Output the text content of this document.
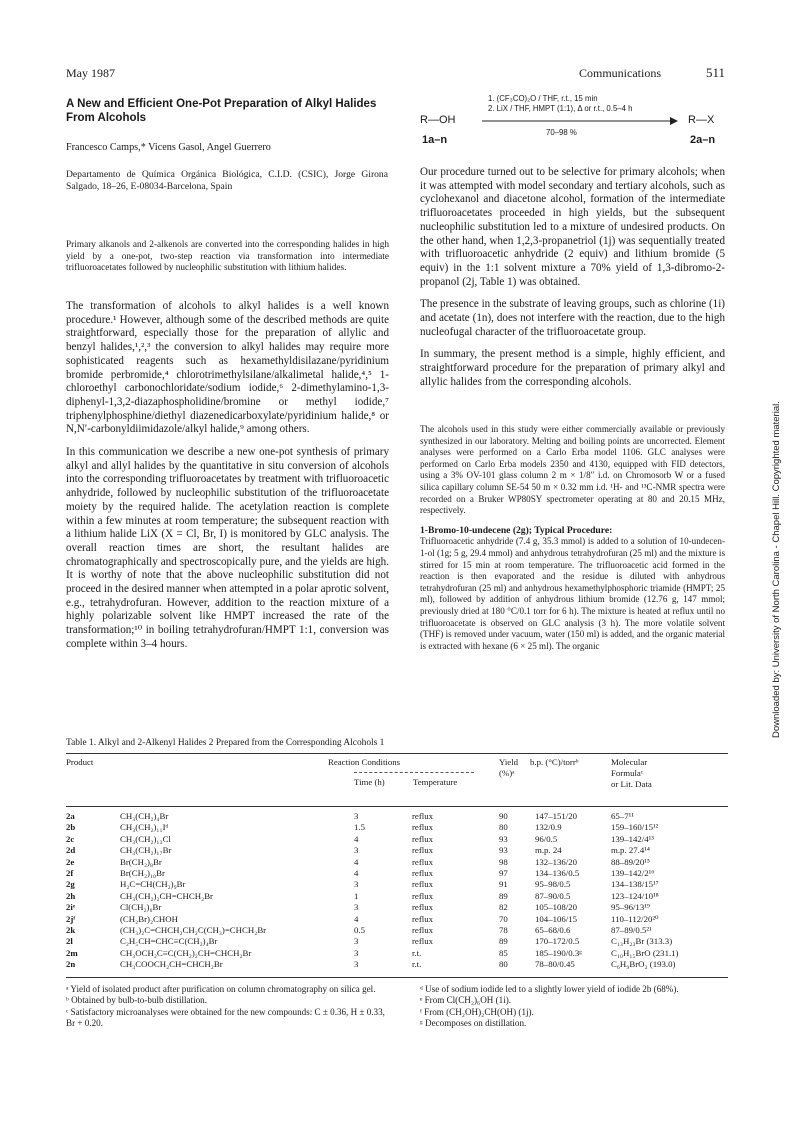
May 1987	Communications	511
A New and Efficient One-Pot Preparation of Alkyl Halides From Alcohols
Francesco Camps,* Vicens Gasol, Angel Guerrero
Departamento de Química Orgánica Biológica, C.I.D. (CSIC), Jorge Girona Salgado, 18–26, E-08034-Barcelona, Spain
Primary alkanols and 2-alkenols are converted into the corresponding halides in high yield by a one-pot, two-step reaction via transformation into intermediate trifluoroacetates followed by nucleophilic substitution with lithium halides.

The transformation of alcohols to alkyl halides is a well known procedure.¹ However, although some of the described methods are quite straightforward, especially those for the preparation of allylic and benzyl halides,¹,²,³ the conversion to alkyl halides may require more sophisticated reagents such as hexamethyldisilazane/pyridinium bromide perbromide,⁴ chlorotrimethylsilane/alkalimetal halide,⁴,⁵ 1-chloroethyl carbonochloridate/sodium iodide,⁶ 2-dimethylamino-1,3-diphenyl-1,3,2-diazaphospholidine/bromine or methyl iodide,⁷ triphenylphosphine/diethyl diazenedicarboxylate/pyridinium halide,⁸ or N,N′-carbonyldiimidazole/alkyl halide,⁹ among others.

In this communication we describe a new one-pot synthesis of primary alkyl and allyl halides by the quantitative in situ conversion of alcohols into the corresponding trifluoroacetates by treatment with trifluoroacetic anhydride, followed by nucleophilic substitution of the trifluoroacetate moiety by the required halide. The acetylation reaction is complete within a few minutes at room temperature; the subsequent reaction with a lithium halide LiX (X = Cl, Br, I) is monitored by GLC analysis. The overall reaction times are short, the resultant halides are chromatographically and spectroscopically pure, and the yields are high. It is worthy of note that the above nucleophilic substitution did not proceed in the desired manner when attempted in a polar aprotic solvent, e.g., tetrahydrofuran. However, addition to the reaction mixture of a highly polarizable solvent like HMPT increased the rate of the transformation;¹⁰ in boiling tetrahydrofuran/HMPT 1:1, conversion was complete within 3–4 hours.

R—OH
1a–n
1. (CF₃CO)₂O / THF, r.t., 15 min
2. LiX / THF, HMPT (1:1), Δ or r.t., 0.5–4 h
70–98 %
R—X
2a–n

Our procedure turned out to be selective for primary alcohols; when it was attempted with model secondary and tertiary alcohols, such as cyclohexanol and diacetone alcohol, formation of the intermediate trifluoroacetates proceeded in high yields, but the subsequent nucleophilic substitution led to a mixture of undesired products. On the other hand, when 1,2,3-propanetriol (1j) was sequentially treated with trifluoroacetic anhydride (2 equiv) and lithium bromide (5 equiv) in the 1:1 solvent mixture a 70% yield of 1,3-dibromo-2-propanol (2j, Table 1) was obtained.

The presence in the substrate of leaving groups, such as chlorine (1i) and acetate (1n), does not interfere with the reaction, due to the high nucleofugal character of the trifluoroacetate group.

In summary, the present method is a simple, highly efficient, and straightforward procedure for the preparation of primary alkyl and allylic halides from the corresponding alcohols.

The alcohols used in this study were either commercially available or previously synthesized in our laboratory. Melting and boiling points are uncorrected. Element analyses were performed on a Carlo Erba model 1106. GLC analyses were performed on Carlo Erba models 2350 and 4130, equipped with FID detectors, using a 3% OV-101 glass column 2 m × 1/8″ i.d. on Chromosorb W or a fused silica capillary column SE-54 50 m × 0.32 mm i.d. ¹H- and ¹³C-NMR spectra were recorded on a Bruker WP80SY spectrometer operating at 80 and 20.15 MHz, respectively.

1-Bromo-10-undecene (2g); Typical Procedure:

Trifluoroacetic anhydride (7.4 g, 35.3 mmol) is added to a solution of 10-undecen-1-ol (1g; 5 g, 29.4 mmol) and anhydrous tetrahydrofuran (25 ml) and the mixture is stirred for 15 min at room temperature. The trifluoroacetic acid formed in the reaction is then evaporated and the residue is diluted with anhydrous tetrahydrofuran (25 ml) and anhydrous hexamethylphosphoric triamide (HMPT; 25 ml), followed by addition of anhydrous lithium bromide (12.76 g, 147 mmol; previously dried at 180 °C/0.1 torr for 6 h). The mixture is heated at reflux until no trifluoroacetate is observed on GLC analysis (3 h). The more volatile solvent (THF) is removed under vacuum, water (150 ml) is added, and the organic material is extracted with hexane (6 × 25 ml). The organic	Downloaded by: University of North Carolina - Chapel Hill. Copyrighted material.
Table 1. Alkyl and 2-Alkenyl Halides 2 Prepared from the Corresponding Alcohols 1
Product	Reaction Conditions
Time (h)	Temperature
Yield (%)ᵃ
b.p. (°C)/torrᵇ	Molecular
Formulaᶜ
or Lit. Data
2a	CH₃(CH₂)₄Br	3	reflux	90	147–151/20	65–7¹¹
2b	CH₃(CH₂)₁₁Iᵈ	1.5	reflux	80	132/0.9	159–160/15¹²
2c	CH₃(CH₂)₁₃Cl	4	reflux	93	96/0.5	139–142/4¹³
2d	CH₃(CH₂)₁₇Br	3	reflux	93	m.p. 24	m.p. 27.4¹⁴
2e	Br(CH₂)₈Br	4	reflux	98	132–136/20	88–89/20¹⁵
2f	Br(CH₂)₁₀Br	4	reflux	97	134–136/0.5	139–142/2¹⁶
2g	H₂C=CH(CH₂)₉Br	3	reflux	91	95–98/0.5	134–138/15¹⁷
2h	CH₃(CH₂)₂CH=CHCH₂Br	1	reflux	89	87–90/0.5	123–124/10¹⁸
2iᵉ	Cl(CH₂)₆Br	3	reflux	82	105–108/20	95–96/13¹⁹
2jᶠ	(CH₂Br)₂CHOH	4	reflux	70	104–106/15	110–112/20²⁰
2k	(CH₃)₂C=CHCH₂CH₂C(CH₃)=CHCH₂Br	0.5	reflux	78	65–68/0.6	87–89/0.5²¹
2l	C₂H₅CH=CHC≡C(CH₂)₄Br	3	reflux	89	170–172/0.5	C₁₃H₂₃Br (313.3)
2m	CH₃OCH₂C≡C(CH₂)₂CH=CHCH₂Br	3	r.t.	85	185–190/0.3ᵍ	C₁₀H₁₅BrO (231.1)
2n	CH₃COOCH₂CH=CHCH₂Br	3	r.t.	80	78–80/0.45	C₆H₉BrO₂ (193.0)

ᵃ Yield of isolated product after purification on column chromatography on silica gel.

ᵇ Obtained by bulb-to-bulb distillation.

ᶜ Satisfactory microanalyses were obtained for the new compounds: C ± 0.36, H ± 0.33, Br + 0.20.

ᵈ Use of sodium iodide led to a slightly lower yield of iodide 2b (68%).

ᵉ From Cl(CH₂)₆OH (1i).

ᶠ From (CH₂OH)₂CH(OH) (1j).

ᵍ Decomposes on distillation.
